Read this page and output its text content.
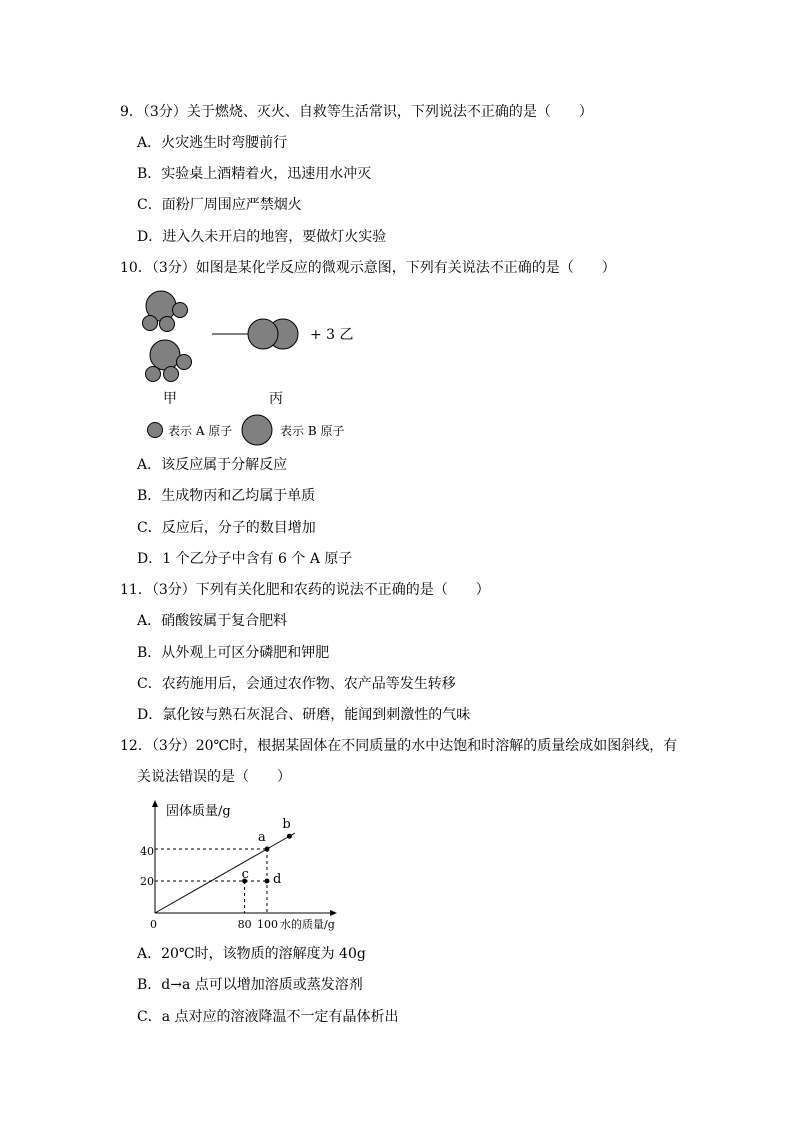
9．（3分）关于燃烧、灭火、自救等生活常识，下列说法不正确的是（　　）
A．火灾逃生时弯腰前行
B．实验桌上酒精着火，迅速用水冲灭
C．面粉厂周围应严禁烟火
D．进入久未开启的地窖，要做灯火实验
10．（3分）如图是某化学反应的微观示意图，下列有关说法不正确的是（　　）
+ 3 乙
甲	丙
表示 A 原子	表示 B 原子
A．该反应属于分解反应
B．生成物丙和乙均属于单质
C．反应后，分子的数目增加
D．1 个乙分子中含有 6 个 A 原子
11．（3分）下列有关化肥和农药的说法不正确的是（　　）
A．硝酸铵属于复合肥料
B．从外观上可区分磷肥和钾肥
C．农药施用后，会通过农作物、农产品等发生转移
D．氯化铵与熟石灰混合、研磨，能闻到刺激性的气味
12．（3分）20℃时，根据某固体在不同质量的水中达饱和时溶解的质量绘成如图斜线，有
关说法错误的是（　　）
固体质量/g
水的质量/g
40
20
0	80 100
a
b
c d
A．20℃时，该物质的溶解度为 40g
B．d→a 点可以增加溶质或蒸发溶剂
C．a 点对应的溶液降温不一定有晶体析出
